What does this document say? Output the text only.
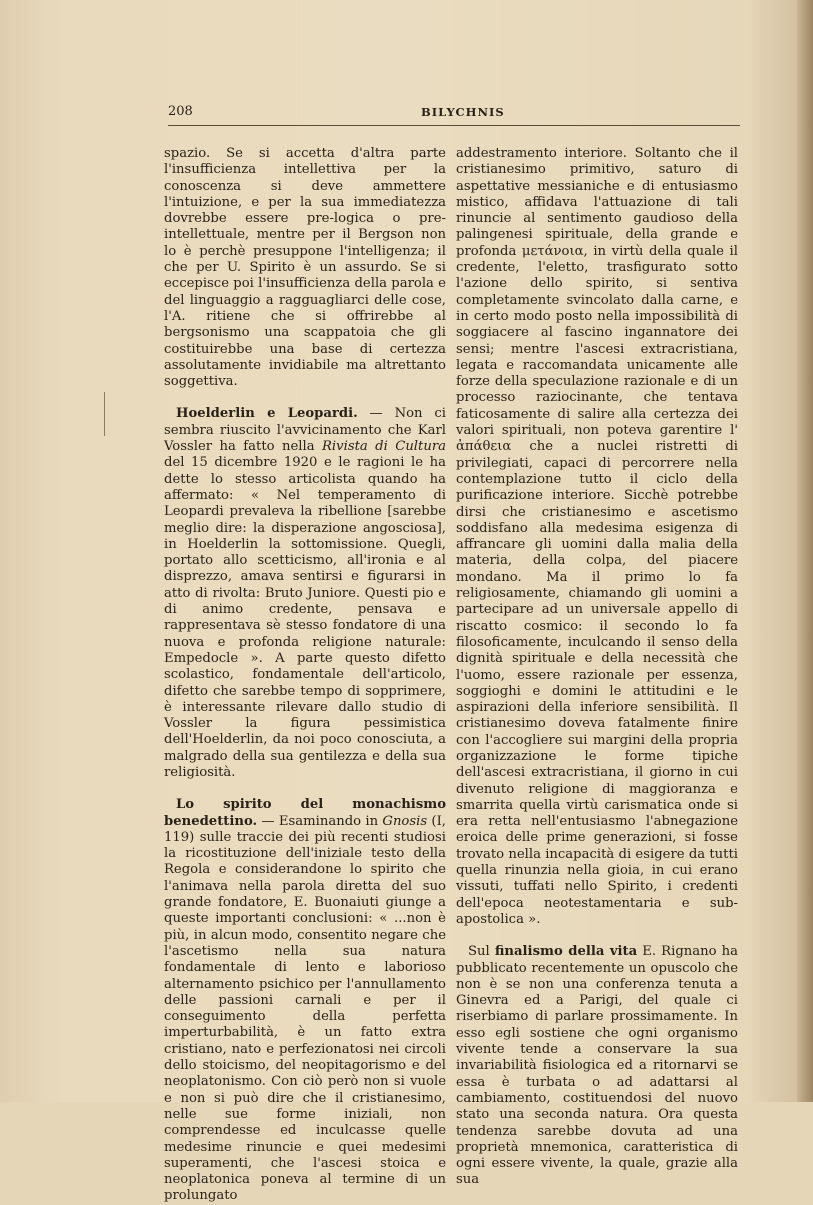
208	BILYCHNIS

spazio. Se si accetta d'altra parte l'insufficienza intellettiva per la conoscenza si deve ammettere l'intuizione, e per la sua immediatezza dovrebbe essere pre-logica o pre-intellettuale, mentre per il Bergson non lo è perchè presuppone l'intelligenza; il che per U. Spirito è un assurdo. Se si eccepisce poi l'insufficienza della parola e del linguaggio a ragguagliarci delle cose, l'A. ritiene che si offrirebbe al bergsonismo una scappatoia che gli costituirebbe una base di certezza assolutamente invidiabile ma altrettanto soggettiva.

Hoelderlin e Leopardi. — Non ci sembra riuscito l'avvicinamento che Karl Vossler ha fatto nella Rivista di Cultura del 15 dicembre 1920 e le ragioni le ha dette lo stesso articolista quando ha affermato: « Nel temperamento di Leopardi prevaleva la ribellione [sarebbe meglio dire: la disperazione angosciosa], in Hoelderlin la sottomissione. Quegli, portato allo scetticismo, all'ironia e al disprezzo, amava sentirsi e figurarsi in atto di rivolta: Bruto Juniore. Questi pio e di animo credente, pensava e rappresentava sè stesso fondatore di una nuova e profonda religione naturale: Empedocle ». A parte questo difetto scolastico, fondamentale dell'articolo, difetto che sarebbe tempo di sopprimere, è interessante rilevare dallo studio di Vossler la figura pessimistica dell'Hoelderlin, da noi poco conosciuta, a malgrado della sua gentilezza e della sua religiosità.

Lo spirito del monachismo benedettino. — Esaminando in Gnosis (I, 119) sulle traccie dei più recenti studiosi la ricostituzione dell'iniziale testo della Regola e considerandone lo spirito che l'animava nella parola diretta del suo grande fondatore, E. Buonaiuti giunge a queste importanti conclusioni: « ...non è più, in alcun modo, consentito negare che l'ascetismo nella sua natura fondamentale di lento e laborioso alternamento psichico per l'annullamento delle passioni carnali e per il conseguimento della perfetta imperturbabilità, è un fatto extra cristiano, nato e perfezionatosi nei circoli dello stoicismo, del neopitagorismo e del neoplatonismo. Con ciò però non si vuole e non si può dire che il cristianesimo, nelle sue forme iniziali, non comprendesse ed inculcasse quelle medesime rinuncie e quei medesimi superamenti, che l'ascesi stoica e neoplatonica poneva al termine di un prolungato

addestramento interiore. Soltanto che il cristianesimo primitivo, saturo di aspettative messianiche e di entusiasmo mistico, affidava l'attuazione di tali rinuncie al sentimento gaudioso della palingenesi spirituale, della grande e profonda μετάνοια, in virtù della quale il credente, l'eletto, trasfigurato sotto l'azione dello spirito, si sentiva completamente svincolato dalla carne, e in certo modo posto nella impossibilità di soggiacere al fascino ingannatore dei sensi; mentre l'ascesi extracristiana, legata e raccomandata unicamente alle forze della speculazione razionale e di un processo raziocinante, che tentava faticosamente di salire alla certezza dei valori spirituali, non poteva garentire l' ἀπάθεια che a nuclei ristretti di privilegiati, capaci di percorrere nella contemplazione tutto il ciclo della purificazione interiore. Sicchè potrebbe dirsi che cristianesimo e ascetismo soddisfano alla medesima esigenza di affrancare gli uomini dalla malia della materia, della colpa, del piacere mondano. Ma il primo lo fa religiosamente, chiamando gli uomini a partecipare ad un universale appello di riscatto cosmico: il secondo lo fa filosoficamente, inculcando il senso della dignità spirituale e della necessità che l'uomo, essere razionale per essenza, soggioghi e domini le attitudini e le aspirazioni della inferiore sensibilità. Il cristianesimo doveva fatalmente finire con l'accogliere sui margini della propria organizzazione le forme tipiche dell'ascesi extracristiana, il giorno in cui divenuto religione di maggioranza e smarrita quella virtù carismatica onde si era retta nell'entusiasmo l'abnegazione eroica delle prime generazioni, si fosse trovato nella incapacità di esigere da tutti quella rinunzia nella gioia, in cui erano vissuti, tuffati nello Spirito, i credenti dell'epoca neotestamentaria e sub-apostolica ».

Sul finalismo della vita E. Rignano ha pubblicato recentemente un opuscolo che non è se non una conferenza tenuta a Ginevra ed a Parigi, del quale ci riserbiamo di parlare prossimamente. In esso egli sostiene che ogni organismo vivente tende a conservare la sua invariabilità fisiologica ed a ritornarvi se essa è turbata o ad adattarsi al cambiamento, costituendosi del nuovo stato una seconda natura. Ora questa tendenza sarebbe dovuta ad una proprietà mnemonica, caratteristica di ogni essere vivente, la quale, grazie alla sua
